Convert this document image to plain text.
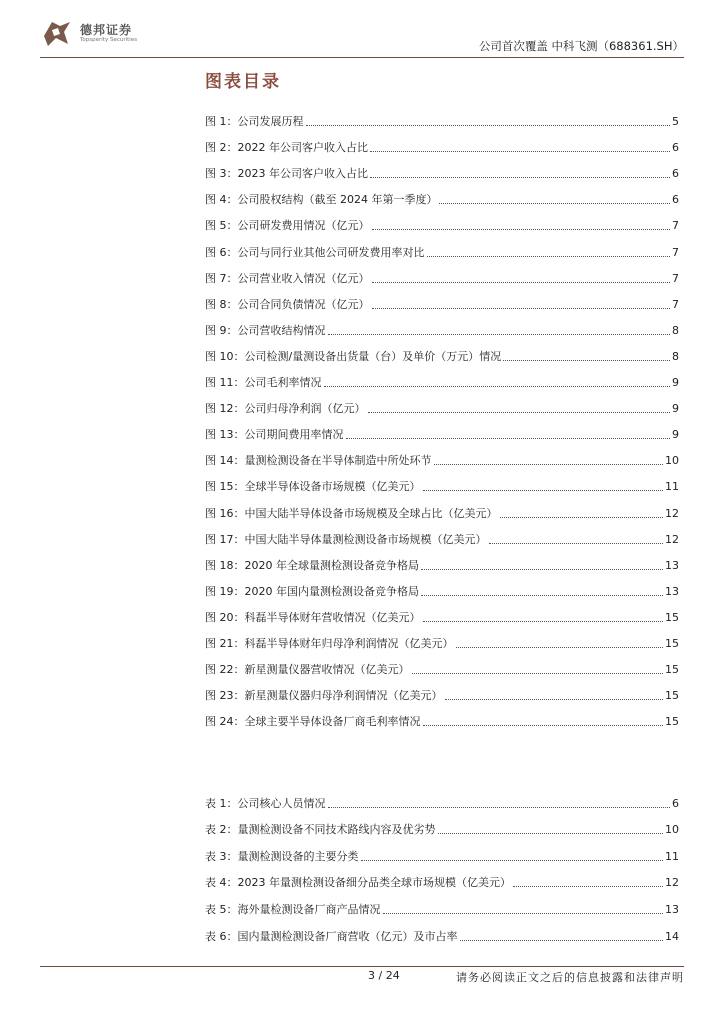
德邦证券
Topsperity Securities	公司首次覆盖 中科飞测（688361.SH）
图表目录
图 1：公司发展历程	5
图 2：2022 年公司客户收入占比	6
图 3：2023 年公司客户收入占比	6
图 4：公司股权结构（截至 2024 年第一季度）	6
图 5：公司研发费用情况（亿元）	7
图 6：公司与同行业其他公司研发费用率对比	7
图 7：公司营业收入情况（亿元）	7
图 8：公司合同负债情况（亿元）	7
图 9：公司营收结构情况	8
图 10：公司检测/量测设备出货量（台）及单价（万元）情况	8
图 11：公司毛利率情况	9
图 12：公司归母净利润（亿元）	9
图 13：公司期间费用率情况	9
图 14：量测检测设备在半导体制造中所处环节	10
图 15：全球半导体设备市场规模（亿美元）	11
图 16：中国大陆半导体设备市场规模及全球占比（亿美元）	12
图 17：中国大陆半导体量测检测设备市场规模（亿美元）	12
图 18：2020 年全球量测检测设备竞争格局	13
图 19：2020 年国内量测检测设备竞争格局	13
图 20：科磊半导体财年营收情况（亿美元）	15
图 21：科磊半导体财年归母净利润情况（亿美元）	15
图 22：新星测量仪器营收情况（亿美元）	15
图 23：新星测量仪器归母净利润情况（亿美元）	15
图 24：全球主要半导体设备厂商毛利率情况	15
表 1：公司核心人员情况	6
表 2：量测检测设备不同技术路线内容及优劣势	10
表 3：量测检测设备的主要分类	11
表 4：2023 年量测检测设备细分品类全球市场规模（亿美元）	12
表 5：海外量检测设备厂商产品情况	13
表 6：国内量测检测设备厂商营收（亿元）及市占率	14
3 / 24	请务必阅读正文之后的信息披露和法律声明
